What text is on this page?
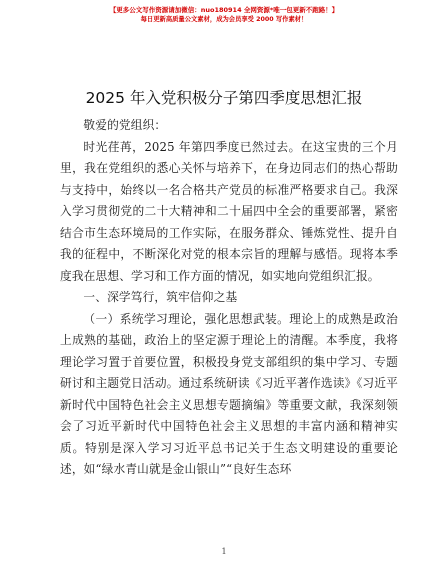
【更多公文写作资源请加微信：nuo180914 全网资源*唯一包更新不跑路！】
每日更新高质量公文素材，成为会员享受 2000 写作素材！
2025 年入党积极分子第四季度思想汇报

敬爱的党组织：

时光荏苒，2025 年第四季度已然过去。在这宝贵的三个月里，我在党组织的悉心关怀与培养下，在身边同志们的热心帮助与支持中，始终以一名合格共产党员的标准严格要求自己。我深入学习贯彻党的二十大精神和二十届四中全会的重要部署，紧密结合市生态环境局的工作实际，在服务群众、锤炼党性、提升自我的征程中，不断深化对党的根本宗旨的理解与感悟。现将本季度我在思想、学习和工作方面的情况，如实地向党组织汇报。

一、深学笃行，筑牢信仰之基

（一）系统学习理论，强化思想武装。理论上的成熟是政治上成熟的基础，政治上的坚定源于理论上的清醒。本季度，我将理论学习置于首要位置，积极投身党支部组织的集中学习、专题研讨和主题党日活动。通过系统研读《习近平著作选读》《习近平新时代中国特色社会主义思想专题摘编》等重要文献，我深刻领会了习近平新时代中国特色社会主义思想的丰富内涵和精神实质。特别是深入学习习近平总书记关于生态文明建设的重要论述，如“绿水青山就是金山银山”“良好生态环

1
